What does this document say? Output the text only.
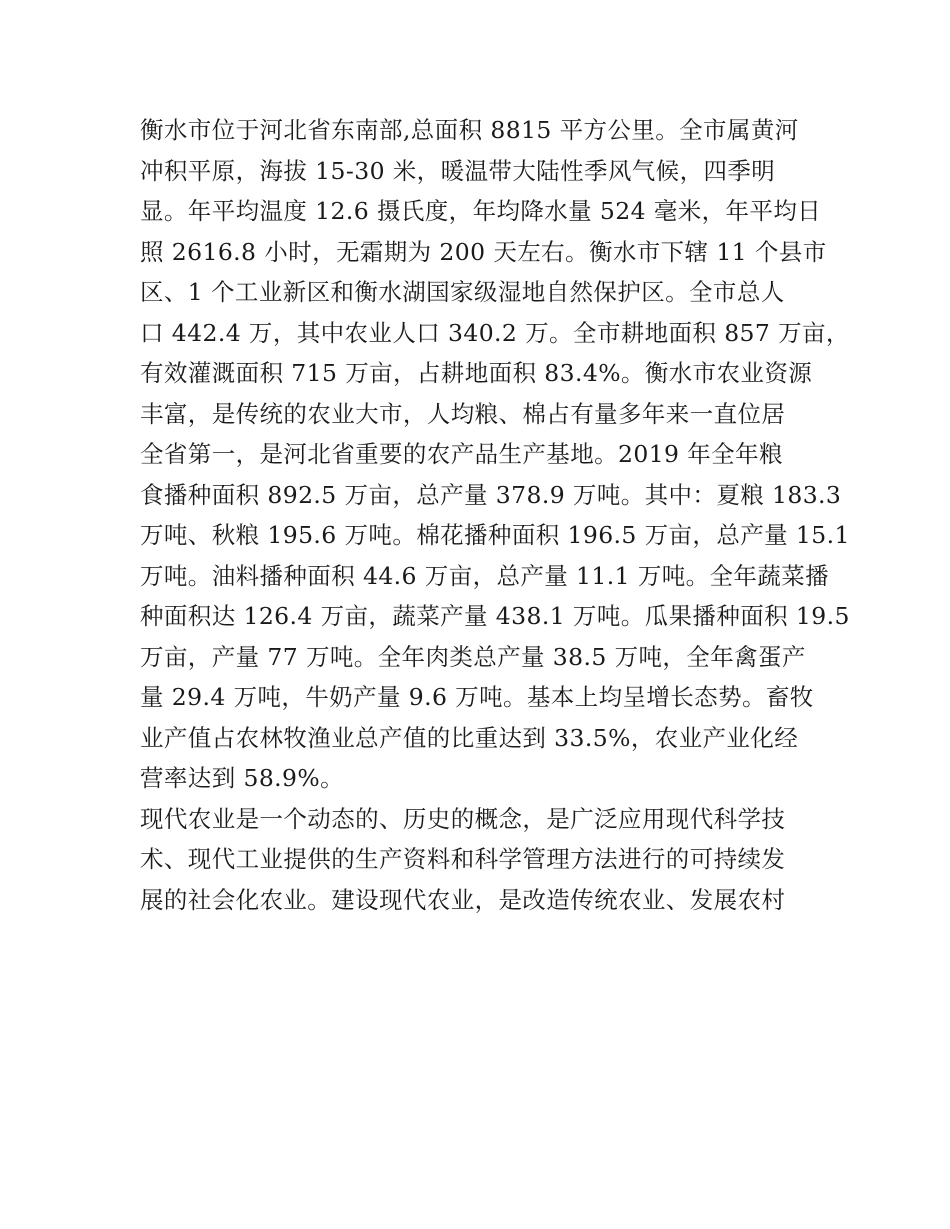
衡水市位于河北省东南部,总面积 8815 平方公里。全市属黄河
冲积平原，海拔 15-30 米，暖温带大陆性季风气候，四季明
显。年平均温度 12.6 摄氏度，年均降水量 524 毫米，年平均日
照 2616.8 小时，无霜期为 200 天左右。衡水市下辖 11 个县市
区、1 个工业新区和衡水湖国家级湿地自然保护区。全市总人
口 442.4 万，其中农业人口 340.2 万。全市耕地面积 857 万亩，
有效灌溉面积 715 万亩，占耕地面积 83.4%。衡水市农业资源
丰富，是传统的农业大市，人均粮、棉占有量多年来一直位居
全省第一，是河北省重要的农产品生产基地。2019 年全年粮
食播种面积 892.5 万亩，总产量 378.9 万吨。其中：夏粮 183.3
万吨、秋粮 195.6 万吨。棉花播种面积 196.5 万亩，总产量 15.1
万吨。油料播种面积 44.6 万亩，总产量 11.1 万吨。全年蔬菜播
种面积达 126.4 万亩，蔬菜产量 438.1 万吨。瓜果播种面积 19.5
万亩，产量 77 万吨。全年肉类总产量 38.5 万吨，全年禽蛋产
量 29.4 万吨，牛奶产量 9.6 万吨。基本上均呈增长态势。畜牧
业产值占农林牧渔业总产值的比重达到 33.5%，农业产业化经
营率达到 58.9%。
现代农业是一个动态的、历史的概念，是广泛应用现代科学技
术、现代工业提供的生产资料和科学管理方法进行的可持续发
展的社会化农业。建设现代农业，是改造传统农业、发展农村
